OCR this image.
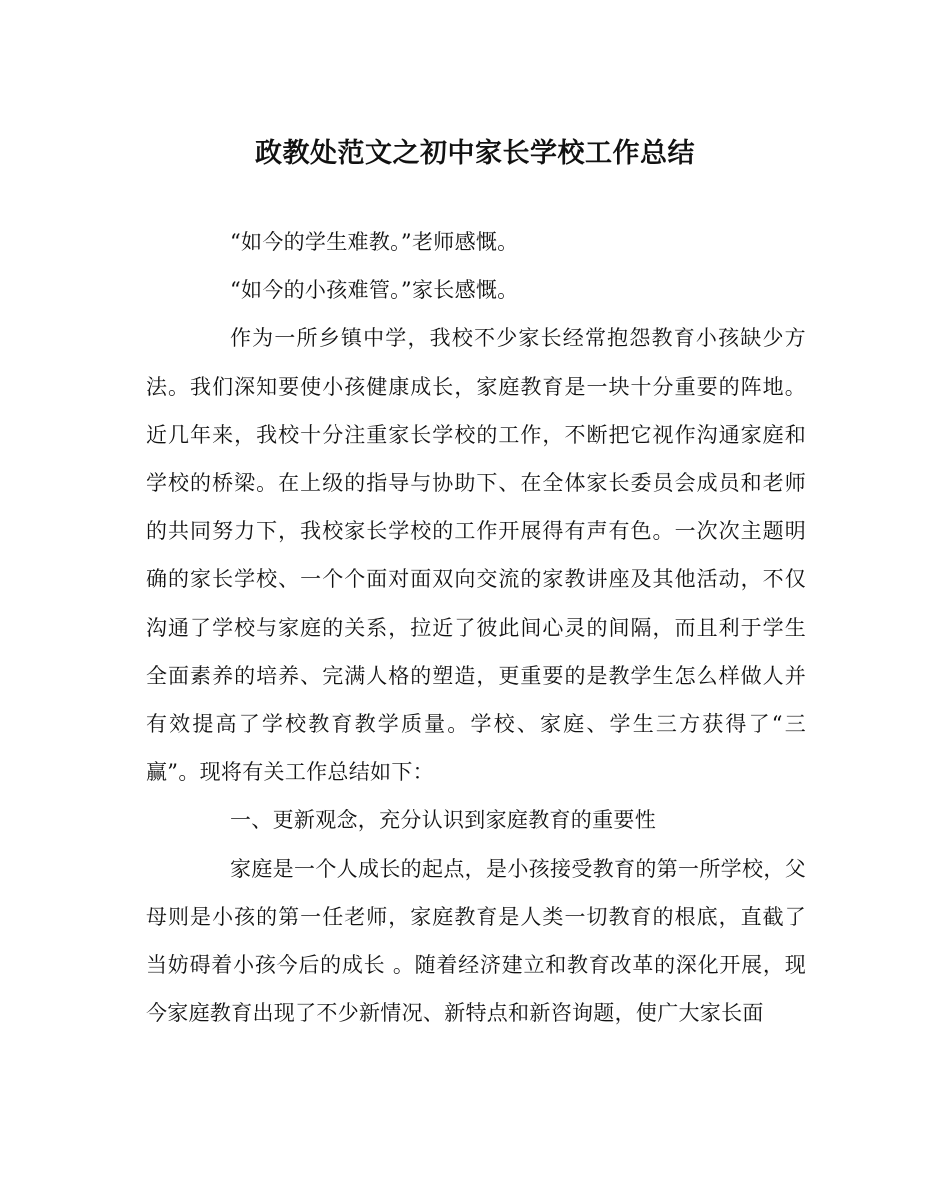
政教处范文之初中家长学校工作总结

“如今的学生难教。”老师感慨。

“如今的小孩难管。”家长感慨。

作为一所乡镇中学，我校不少家长经常抱怨教育小孩缺少方法。我们深知要使小孩健康成长，家庭教育是一块十分重要的阵地。近几年来，我校十分注重家长学校的工作，不断把它视作沟通家庭和学校的桥梁。在上级的指导与协助下、在全体家长委员会成员和老师的共同努力下，我校家长学校的工作开展得有声有色。一次次主题明确的家长学校、一个个面对面双向交流的家教讲座及其他活动，不仅沟通了学校与家庭的关系，拉近了彼此间心灵的间隔，而且利于学生全面素养的培养、完满人格的塑造，更重要的是教学生怎么样做人并有效提高了学校教育教学质量。学校、家庭、学生三方获得了“三赢”。现将有关工作总结如下：

一、更新观念，充分认识到家庭教育的重要性

家庭是一个人成长的起点，是小孩接受教育的第一所学校，父母则是小孩的第一任老师，家庭教育是人类一切教育的根底，直截了当妨碍着小孩今后的成长 。随着经济建立和教育改革的深化开展，现今家庭教育出现了不少新情况、新特点和新咨询题，使广大家长面
